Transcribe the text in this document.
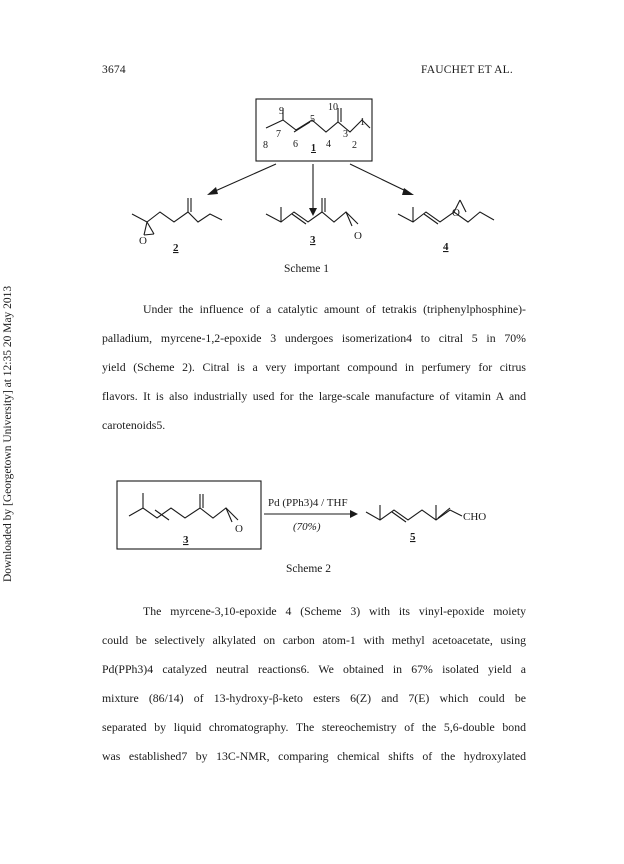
3674	FAUCHET ET AL.
Downloaded by [Georgetown University] at 12:35 20 May 2013
9	10
5	1
7	3
8	6 1 4 2
O
2
O
3
O
4
Scheme 1
O
3
Pd (PPh3)4 / THF
(70%)
CHO
5
Scheme 2

Under the influence of a catalytic amount of tetrakis (triphenylphosphine)-

palladium, myrcene-1,2-epoxide 3 undergoes isomerization4 to citral 5 in 70%

yield (Scheme 2). Citral is a very important compound in perfumery for citrus

flavors. It is also industrially used for the large-scale manufacture of vitamin A and

carotenoids5.

The myrcene-3,10-epoxide 4 (Scheme 3) with its vinyl-epoxide moiety

could be selectively alkylated on carbon atom-1 with methyl acetoacetate, using

Pd(PPh3)4 catalyzed neutral reactions6. We obtained in 67% isolated yield a

mixture (86/14) of 13-hydroxy-β-keto esters 6(Z) and 7(E) which could be

separated by liquid chromatography. The stereochemistry of the 5,6-double bond

was established7 by 13C-NMR, comparing chemical shifts of the hydroxylated
